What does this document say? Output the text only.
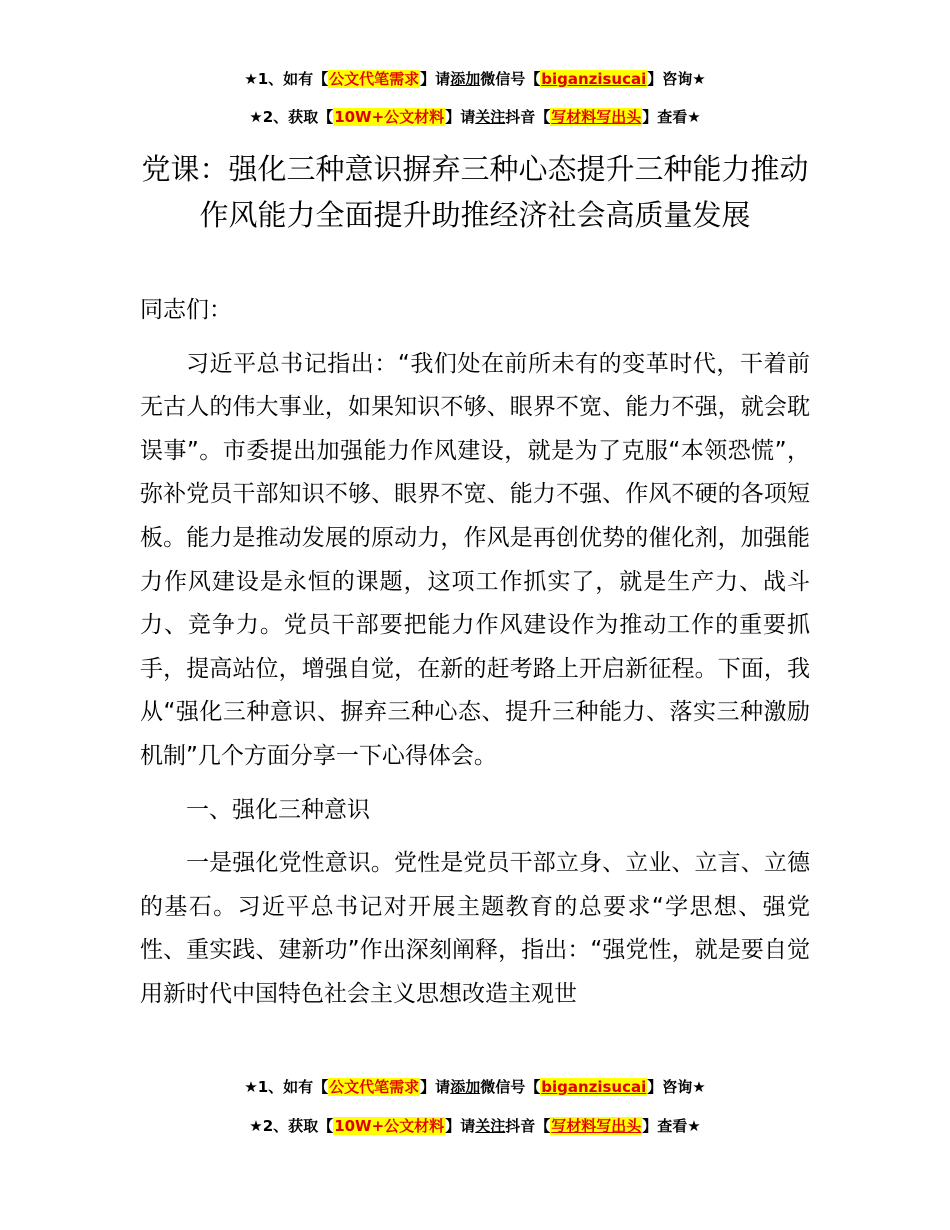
★1、如有【公文代笔需求】请添加微信号【biganzisucai】咨询★
★2、获取【10W+公文材料】请关注抖音【写材料写出头】查看★
党课：强化三种意识摒弃三种心态提升三种能力推动作风能力全面提升助推经济社会高质量发展

同志们：

习近平总书记指出：“我们处在前所未有的变革时代，干着前无古人的伟大事业，如果知识不够、眼界不宽、能力不强，就会耽误事”。市委提出加强能力作风建设，就是为了克服“本领恐慌”，弥补党员干部知识不够、眼界不宽、能力不强、作风不硬的各项短板。能力是推动发展的原动力，作风是再创优势的催化剂，加强能力作风建设是永恒的课题，这项工作抓实了，就是生产力、战斗力、竞争力。党员干部要把能力作风建设作为推动工作的重要抓手，提高站位，增强自觉，在新的赶考路上开启新征程。下面，我从“强化三种意识、摒弃三种心态、提升三种能力、落实三种激励机制”几个方面分享一下心得体会。

一、强化三种意识

一是强化党性意识。党性是党员干部立身、立业、立言、立德的基石。习近平总书记对开展主题教育的总要求“学思想、强党性、重实践、建新功”作出深刻阐释，指出：“强党性，就是要自觉用新时代中国特色社会主义思想改造主观世

★1、如有【公文代笔需求】请添加微信号【biganzisucai】咨询★
★2、获取【10W+公文材料】请关注抖音【写材料写出头】查看★
